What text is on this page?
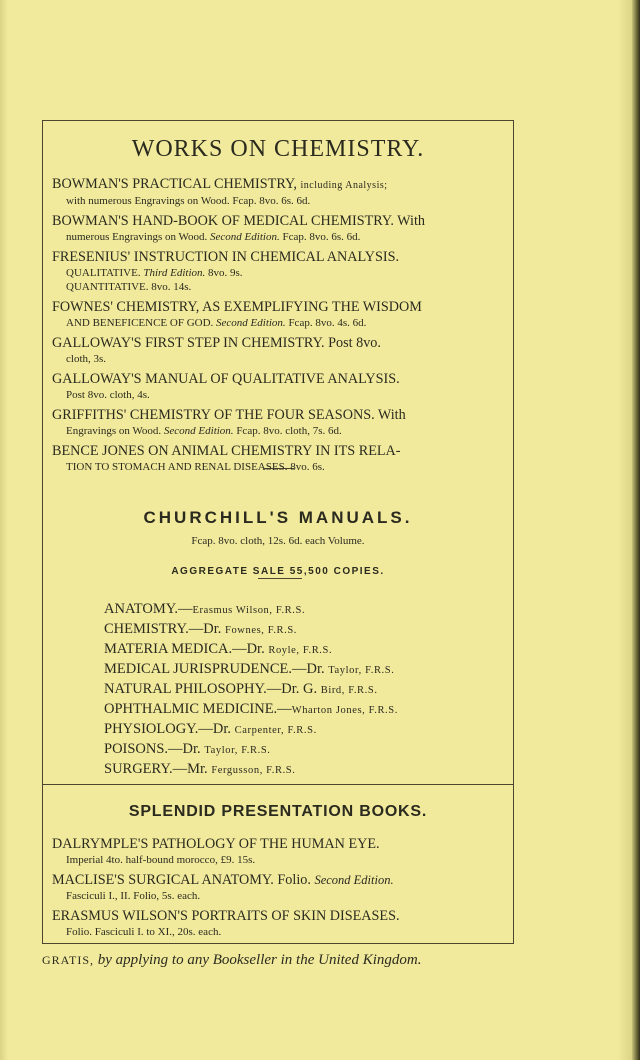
WORKS ON CHEMISTRY.
BOWMAN'S PRACTICAL CHEMISTRY, including Analysis;
with numerous Engravings on Wood. Fcap. 8vo. 6s. 6d.
BOWMAN'S HAND-BOOK OF MEDICAL CHEMISTRY. With
numerous Engravings on Wood. Second Edition. Fcap. 8vo. 6s. 6d.
FRESENIUS' INSTRUCTION IN CHEMICAL ANALYSIS.
QUALITATIVE. Third Edition. 8vo. 9s.
QUANTITATIVE. 8vo. 14s.
FOWNES' CHEMISTRY, AS EXEMPLIFYING THE WISDOM
AND BENEFICENCE OF GOD. Second Edition. Fcap. 8vo. 4s. 6d.
GALLOWAY'S FIRST STEP IN CHEMISTRY. Post 8vo.
cloth, 3s.
GALLOWAY'S MANUAL OF QUALITATIVE ANALYSIS.
Post 8vo. cloth, 4s.
GRIFFITHS' CHEMISTRY OF THE FOUR SEASONS. With
Engravings on Wood. Second Edition. Fcap. 8vo. cloth, 7s. 6d.
BENCE JONES ON ANIMAL CHEMISTRY IN ITS RELA-
TION TO STOMACH AND RENAL DISEASES. 8vo. 6s.
CHURCHILL'S MANUALS.
Fcap. 8vo. cloth, 12s. 6d. each Volume.
AGGREGATE SALE 55,500 COPIES.
ANATOMY.—Erasmus Wilson, F.R.S.
CHEMISTRY.—Dr. Fownes, F.R.S.
MATERIA MEDICA.—Dr. Royle, F.R.S.
MEDICAL JURISPRUDENCE.—Dr. Taylor, F.R.S.
NATURAL PHILOSOPHY.—Dr. G. Bird, F.R.S.
OPHTHALMIC MEDICINE.—Wharton Jones, F.R.S.
PHYSIOLOGY.—Dr. Carpenter, F.R.S.
POISONS.—Dr. Taylor, F.R.S.
SURGERY.—Mr. Fergusson, F.R.S.
SPLENDID PRESENTATION BOOKS.
DALRYMPLE'S PATHOLOGY OF THE HUMAN EYE.
Imperial 4to. half-bound morocco, £9. 15s.
MACLISE'S SURGICAL ANATOMY. Folio. Second Edition.
Fasciculi I., II. Folio, 5s. each.
ERASMUS WILSON'S PORTRAITS OF SKIN DISEASES.
Folio. Fasciculi I. to XI., 20s. each.
GRATIS, by applying to any Bookseller in the United Kingdom.
